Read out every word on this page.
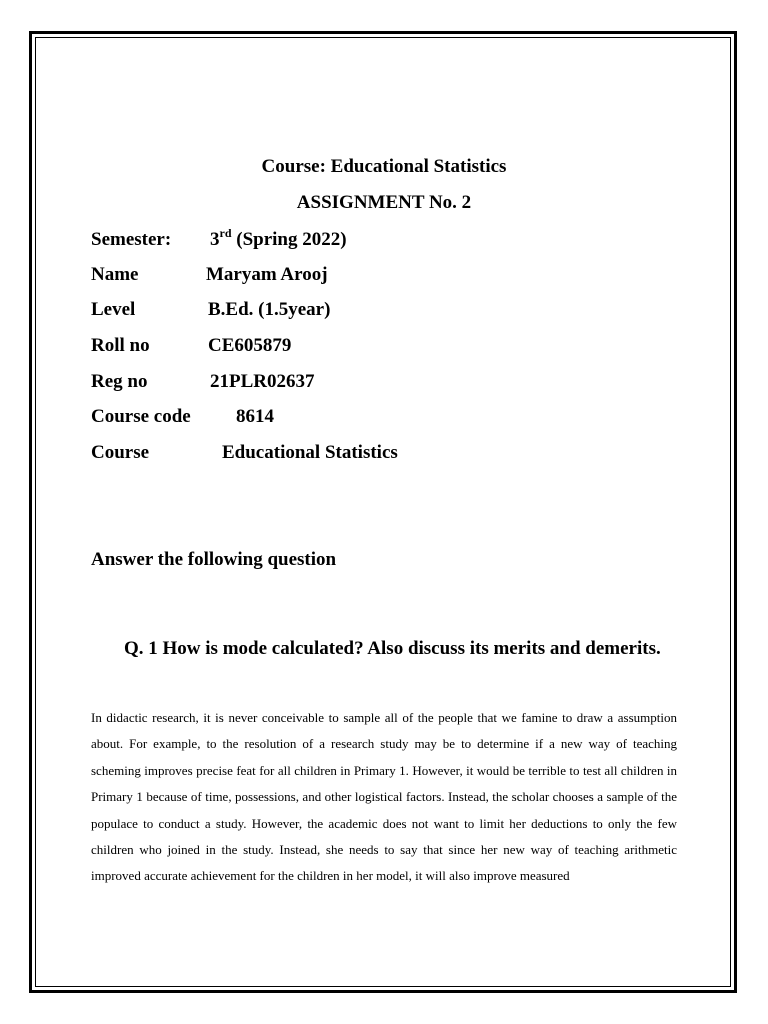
Course: Educational Statistics
ASSIGNMENT No. 2
Semester: 3rd (Spring 2022)
Name	Maryam Arooj
Level	B.Ed. (1.5year)
Roll no	CE605879
Reg no	21PLR02637
Course code 8614
Course	Educational Statistics
Answer the following question
Q. 1 How is mode calculated? Also discuss its merits and demerits.
In didactic research, it is never conceivable to sample all of the people that we famine to draw a assumption about. For example, to the resolution of a research study may be to determine if a new way of teaching scheming improves precise feat for all children in Primary 1. However, it would be terrible to test all children in Primary 1 because of time, possessions, and other logistical factors. Instead, the scholar chooses a sample of the populace to conduct a study. However, the academic does not want to limit her deductions to only the few children who joined in the study. Instead, she needs to say that since her new way of teaching arithmetic improved accurate achievement for the children in her model, it will also improve measured
